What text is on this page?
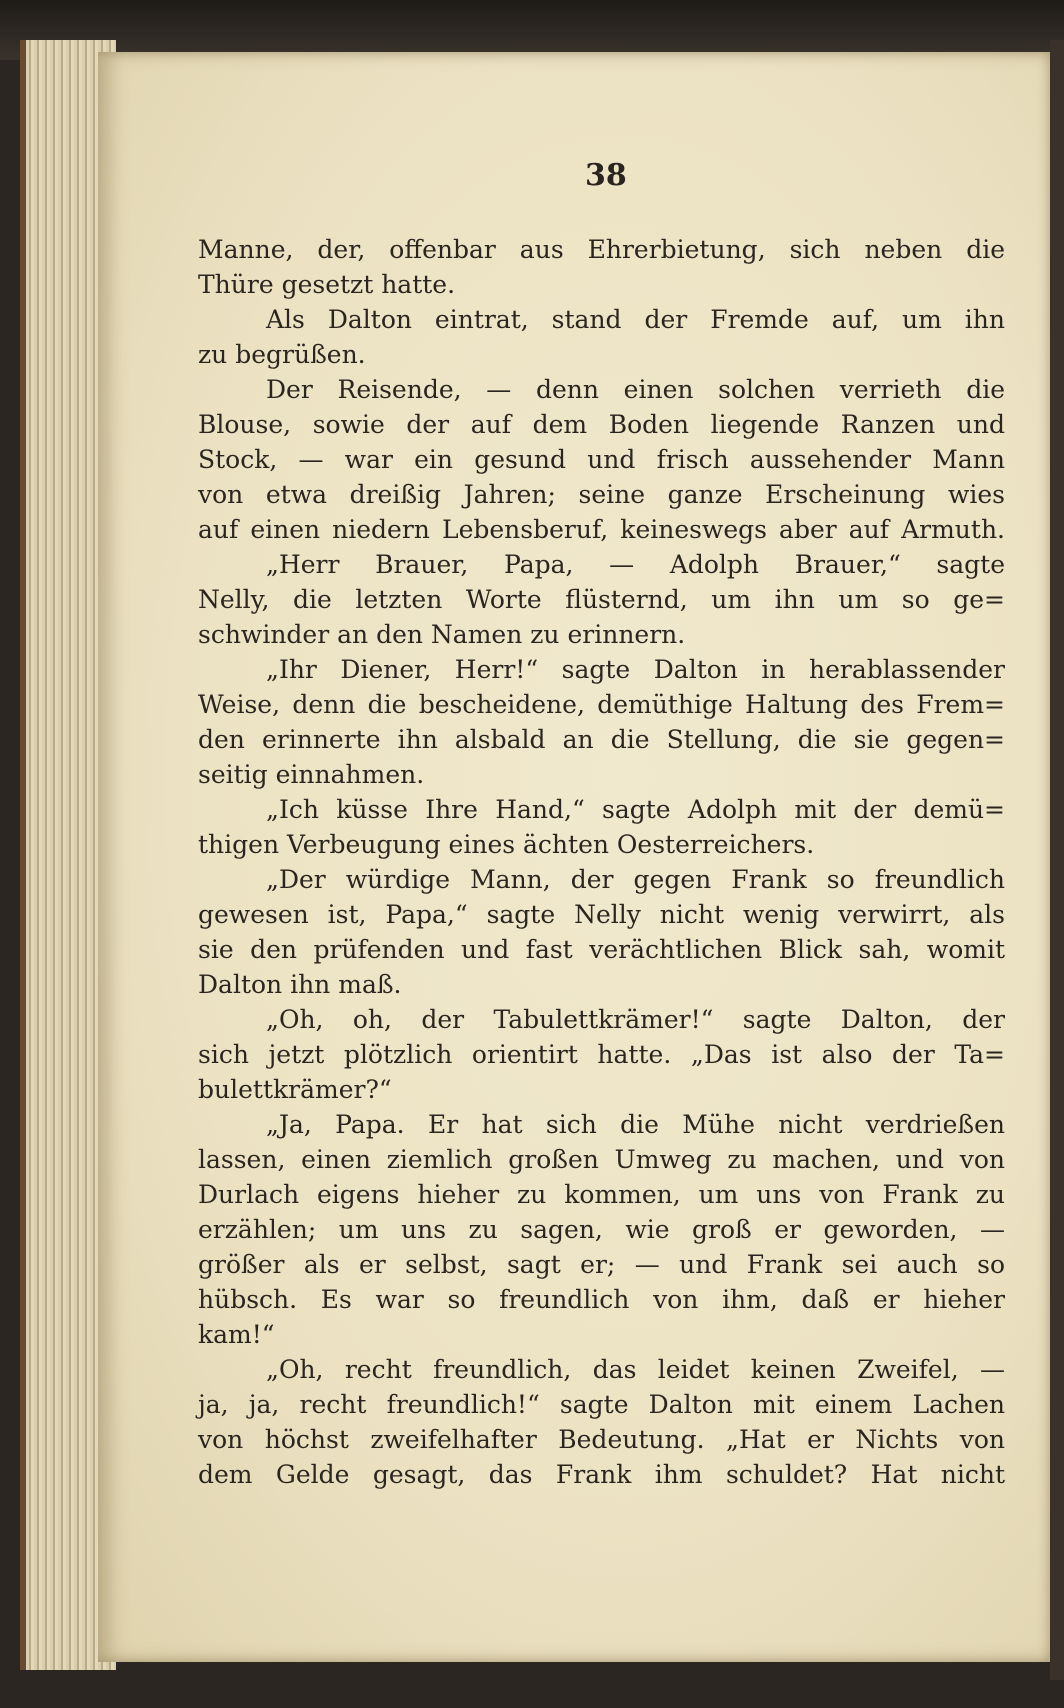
38
Manne, der, offenbar aus Ehrerbietung, sich neben die
Thüre gesetzt hatte.
Als Dalton eintrat, stand der Fremde auf, um ihn
zu begrüßen.
Der Reisende, — denn einen solchen verrieth die
Blouse, sowie der auf dem Boden liegende Ranzen und
Stock, — war ein gesund und frisch aussehender Mann
von etwa dreißig Jahren; seine ganze Erscheinung wies
auf einen niedern Lebensberuf, keineswegs aber auf Armuth.
„Herr Brauer, Papa, — Adolph Brauer,“ sagte
Nelly, die letzten Worte flüsternd, um ihn um so ge=
schwinder an den Namen zu erinnern.
„Ihr Diener, Herr!“ sagte Dalton in herablassender
Weise, denn die bescheidene, demüthige Haltung des Frem=
den erinnerte ihn alsbald an die Stellung, die sie gegen=
seitig einnahmen.
„Ich küsse Ihre Hand,“ sagte Adolph mit der demü=
thigen Verbeugung eines ächten Oesterreichers.
„Der würdige Mann, der gegen Frank so freundlich
gewesen ist, Papa,“ sagte Nelly nicht wenig verwirrt, als
sie den prüfenden und fast verächtlichen Blick sah, womit
Dalton ihn maß.
„Oh, oh, der Tabulettkrämer!“ sagte Dalton, der
sich jetzt plötzlich orientirt hatte. „Das ist also der Ta=
bulettkrämer?“
„Ja, Papa. Er hat sich die Mühe nicht verdrießen
lassen, einen ziemlich großen Umweg zu machen, und von
Durlach eigens hieher zu kommen, um uns von Frank zu
erzählen; um uns zu sagen, wie groß er geworden, —
größer als er selbst, sagt er; — und Frank sei auch so
hübsch. Es war so freundlich von ihm, daß er hieher
kam!“
„Oh, recht freundlich, das leidet keinen Zweifel, —
ja, ja, recht freundlich!“ sagte Dalton mit einem Lachen
von höchst zweifelhafter Bedeutung. „Hat er Nichts von
dem Gelde gesagt, das Frank ihm schuldet? Hat nicht
